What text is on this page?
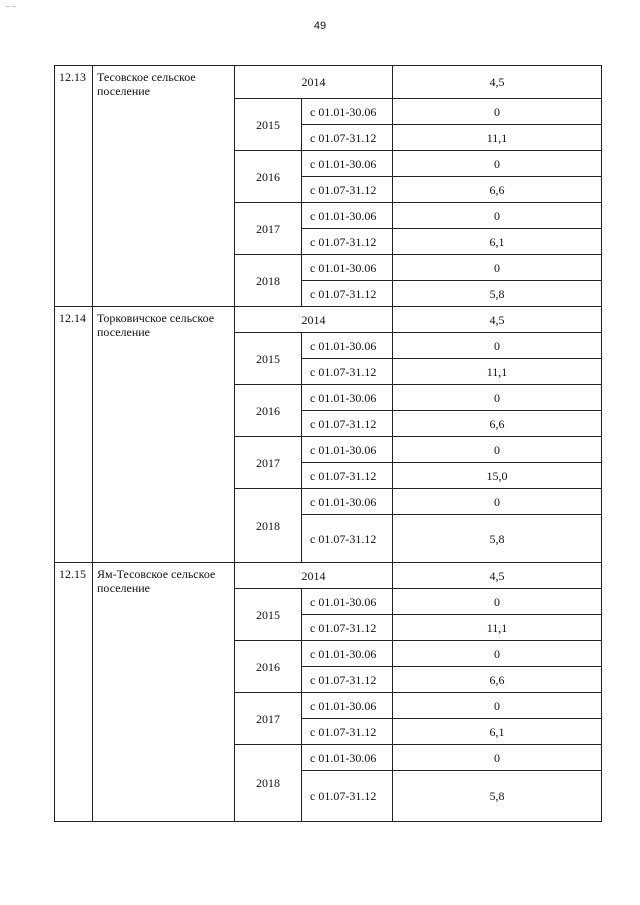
~ ~
49
12.13	Тесовское сельское поселение	2014		4,5
		2015	с 01.01-30.06	0
			с 01.07-31.12	11,1
		2016	с 01.01-30.06	0
			с 01.07-31.12	6,6
		2017	с 01.01-30.06	0
			с 01.07-31.12	6,1
		2018	с 01.01-30.06	0
			с 01.07-31.12	5,8
12.14	Торковичское сельское поселение	2014		4,5
		2015	с 01.01-30.06	0
			с 01.07-31.12	11,1
		2016	с 01.01-30.06	0
			с 01.07-31.12	6,6
		2017	с 01.01-30.06	0
			с 01.07-31.12	15,0
		2018	с 01.01-30.06	0
			с 01.07-31.12	5,8
12.15	Ям-Тесовское сельское поселение	2014		4,5
		2015	с 01.01-30.06	0
			с 01.07-31.12	11,1
		2016	с 01.01-30.06	0
			с 01.07-31.12	6,6
		2017	с 01.01-30.06	0
			с 01.07-31.12	6,1
		2018	с 01.01-30.06	0
			с 01.07-31.12	5,8
